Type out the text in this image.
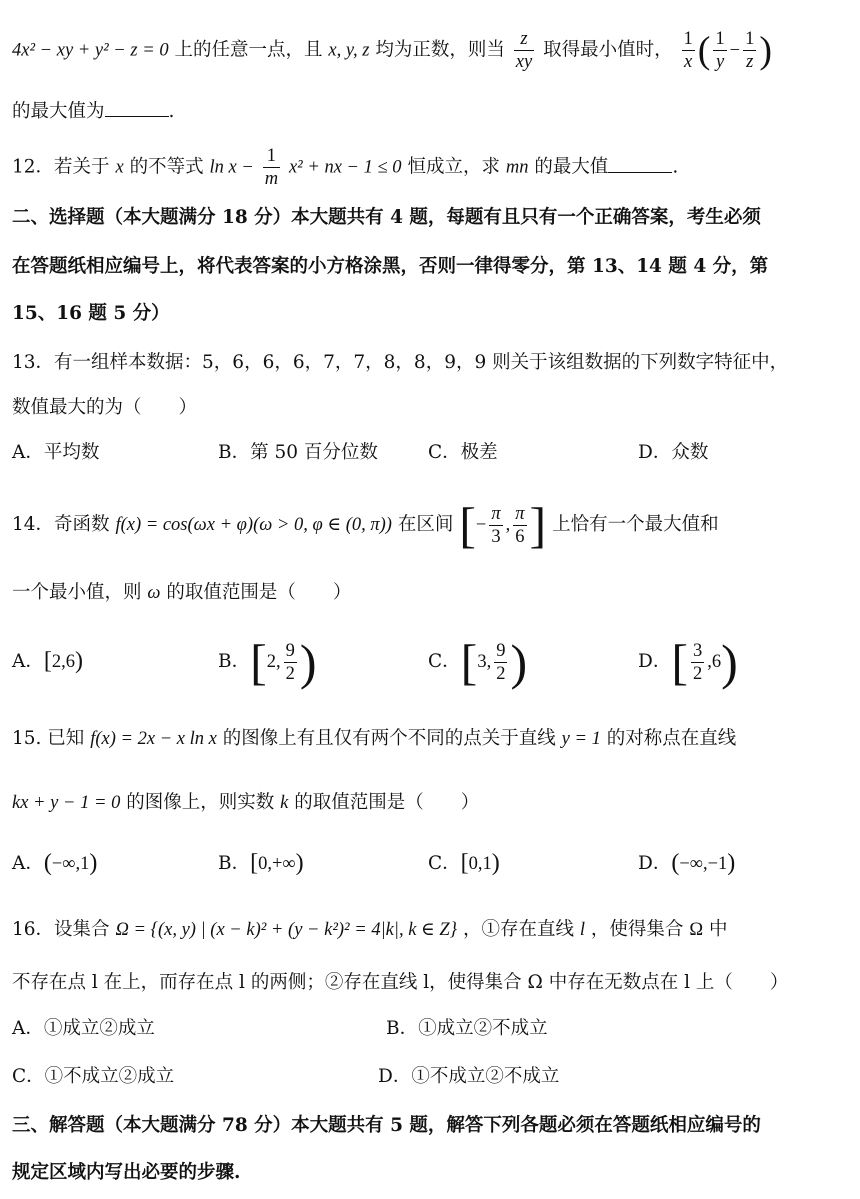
4x² − xy + y² − z = 0 上的任意一点，且 x, y, z 均为正数，则当 $\frac{z}{xy}$ 取得最小值时， $\frac{1}{x}$ ( $\frac{1}{y} - \frac{1}{z}$ )
的最大值为	.
12．若关于 x 的不等式 $\ln x - \frac{1}{m} x^2$ + nx − 1 ≤ 0 恒成立，求 mn 的最大值	.
二、选择题（本大题满分 18 分）本大题共有 4 题，每题有且只有一个正确答案，考生必须
在答题纸相应编号上，将代表答案的小方格涂黑，否则一律得零分，第 13、14 题 4 分，第
15、16 题 5 分）
13．有一组样本数据：5，6，6，6，7，7，8，8，9，9 则关于该组数据的下列数字特征中，
数值最大的为（　　）
A．平均数	B．第 50 百分位数	C．极差	D．众数
14．奇函数 f(x) = cos(ωx + φ)(ω > 0, φ ∈ (0, π)) 在区间 [− $\frac{\pi}{3}$ , $\frac{\pi}{6}$ ] 上恰有一个最大值和
一个最小值，则 ω 的取值范围是（　　）
A．[2,6)	B．[2, $\frac{9}{2}$ )	C．[3, $\frac{9}{2}$ )	D．[ $\frac{3}{2} ,6$)
15. 已知 f(x) = 2x − x ln x 的图像上有且仅有两个不同的点关于直线 y = 1 的对称点在直线
kx + y − 1 = 0 的图像上，则实数 k 的取值范围是（　　）
A．(−∞,1)	B．[0,+∞)	C．[0,1)	D．(−∞,−1)
16．设集合 Ω = {(x, y) | (x − k)² + (y − k²)² = 4|k|, k ∈ Z} ，①存在直线 l ，使得集合 Ω 中
不存在点 l 在上，而存在点 l 的两侧；②存在直线 l，使得集合 Ω 中存在无数点在 l 上（　　）
A．①成立②成立	B．①成立②不成立
C．①不成立②成立	D．①不成立②不成立
三、解答题（本大题满分 78 分）本大题共有 5 题，解答下列各题必须在答题纸相应编号的
规定区域内写出必要的步骤.
